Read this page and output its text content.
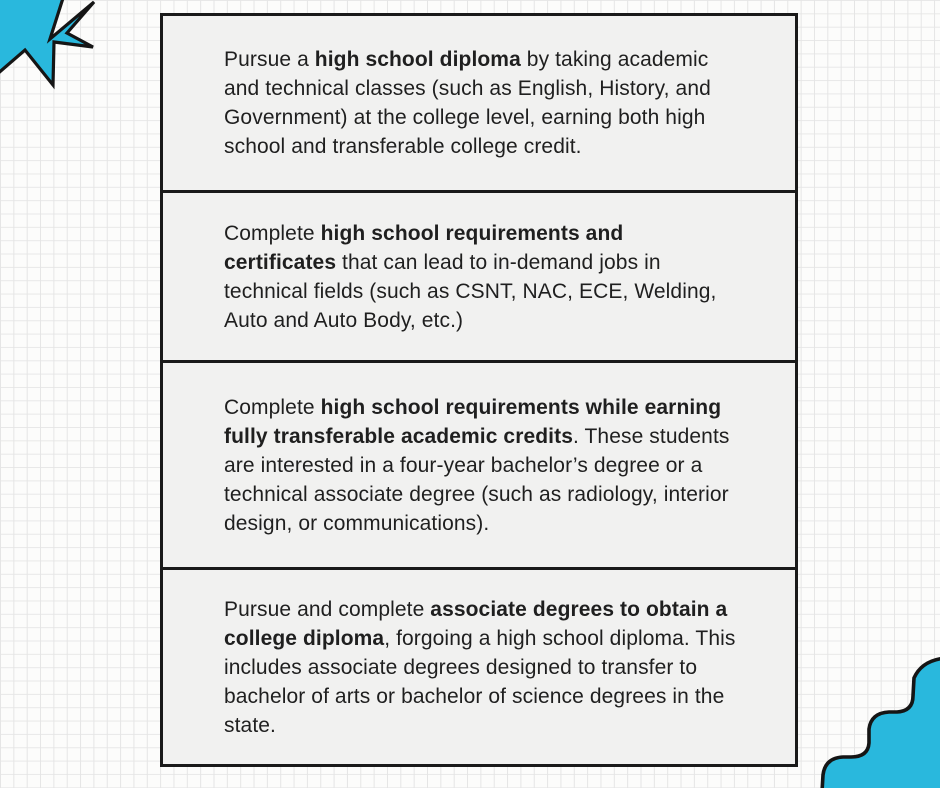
Pursue a high school diploma by taking academic and technical classes (such as English, History, and Government) at the college level, earning both high school and transferable college credit.

Complete high school requirements and certificates that can lead to in-demand jobs in technical fields (such as CSNT, NAC, ECE, Welding, Auto and Auto Body, etc.)

Complete high school requirements while earning fully transferable academic credits. These students are interested in a four-year bachelor’s degree or a technical associate degree (such as radiology, interior design, or communications).

Pursue and complete associate degrees to obtain a college diploma, forgoing a high school diploma. This includes associate degrees designed to transfer to bachelor of arts or bachelor of science degrees in the state.
